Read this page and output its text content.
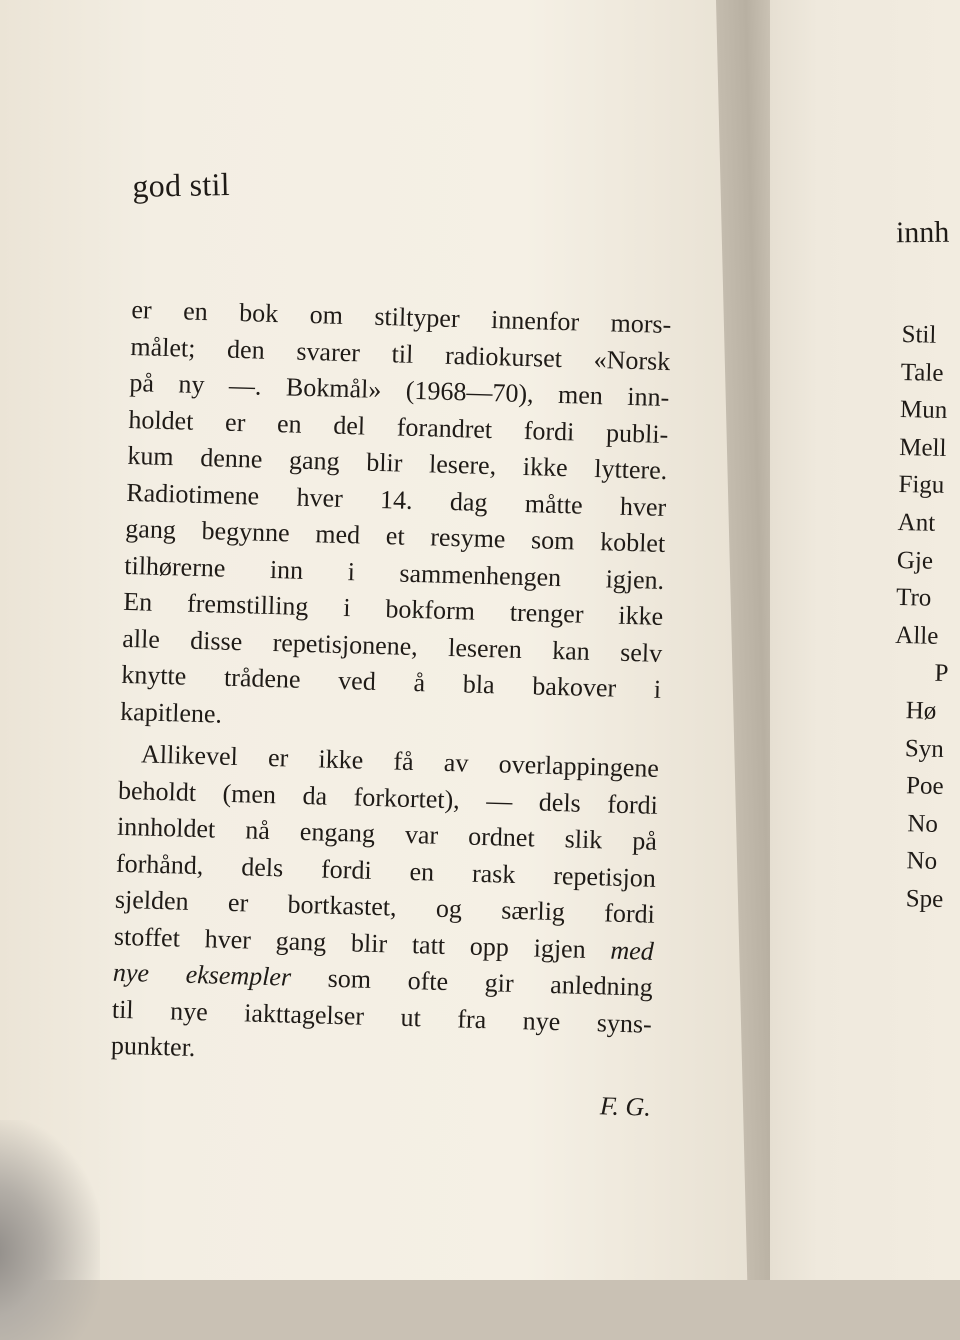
god stil
er en bok om stiltyper innenfor mors-
målet; den svarer til radiokurset «Norsk
på ny —. Bokmål» (1968—70), men inn-
holdet er en del forandret fordi publi-
kum denne gang blir lesere, ikke lyttere.
Radiotimene hver 14. dag måtte hver
gang begynne med et resyme som koblet
tilhørerne inn i sammenhengen igjen.
En fremstilling i bokform trenger ikke
alle disse repetisjonene, leseren kan selv
knytte trådene ved å bla bakover i
kapitlene.
Allikevel er ikke få av overlappingene
beholdt (men da forkortet), — dels fordi
innholdet nå engang var ordnet slik på
forhånd, dels fordi en rask repetisjon
sjelden er bortkastet, og særlig fordi
stoffet hver gang blir tatt opp igjen med
nye eksempler som ofte gir anledning
til nye iakttagelser ut fra nye syns-
punkter.
F. G.
innh
Stil
Tale
Mun
Mell
Figu
Ant
Gje
Tro
Alle
P
Hø
Syn
Poe
No
No
Spe
